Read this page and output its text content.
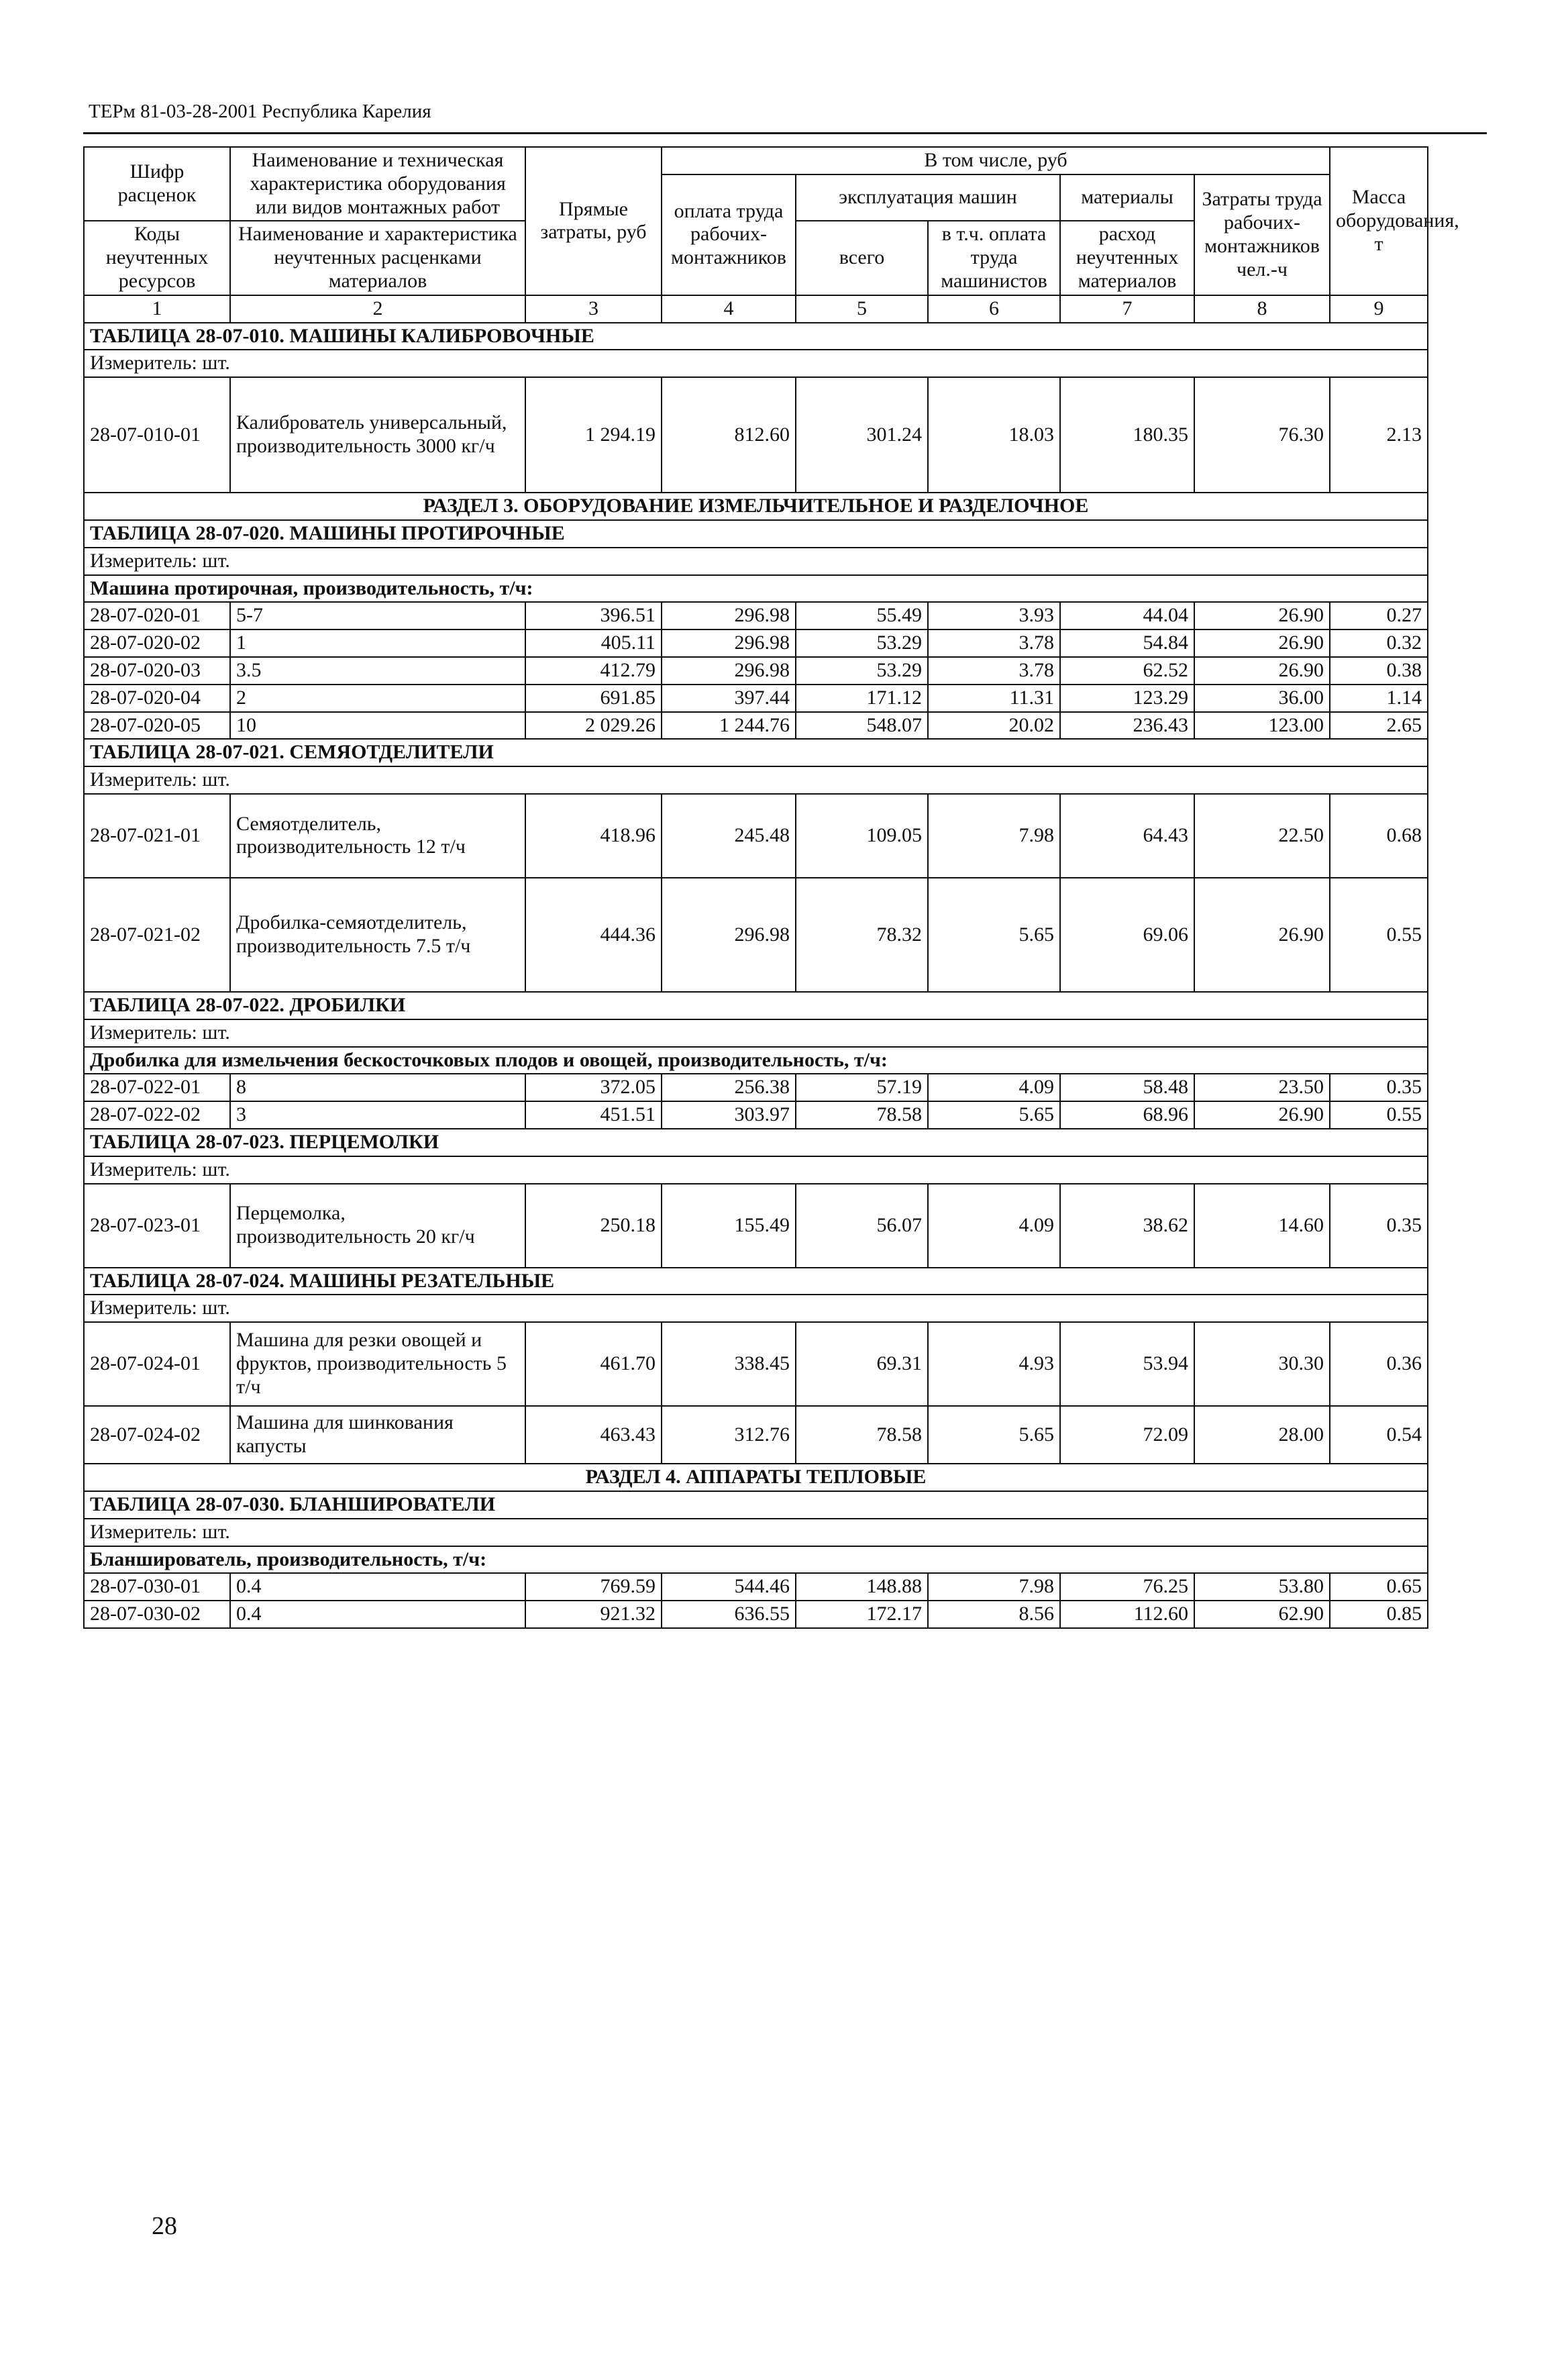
ТЕРм 81-03-28-2001 Республика Карелия
Шифр расценок	Наименование и техническая характеристика оборудования или видов монтажных работ	Прямые затраты, руб	В том числе, руб					Масса оборудования, т
			оплата труда рабочих-монтажников	эксплуатация машин		материалы	Затраты труда рабочих-монтажников чел.-ч	
Коды неучтенных ресурсов	Наименование и характеристика неучтенных расценками материалов			всего	в т.ч. оплата труда машинистов	расход неучтенных материалов		

1	2	3	4	5	6	7	8	9
ТАБЛИЦА 28-07-010. МАШИНЫ КАЛИБРОВОЧНЫЕ								
Измеритель: шт.								
28-07-010-01	Калиброватель универсальный, производительность 3000 кг/ч	1 294.19	812.60	301.24	18.03	180.35	76.30	2.13
РАЗДЕЛ 3. ОБОРУДОВАНИЕ ИЗМЕЛЬЧИТЕЛЬНОЕ И РАЗДЕЛОЧНОЕ								
ТАБЛИЦА 28-07-020. МАШИНЫ ПРОТИРОЧНЫЕ								
Измеритель: шт.								
Машина протирочная, производительность, т/ч:								
28-07-020-01	5-7	396.51	296.98	55.49	3.93	44.04	26.90	0.27
28-07-020-02	1	405.11	296.98	53.29	3.78	54.84	26.90	0.32
28-07-020-03	3.5	412.79	296.98	53.29	3.78	62.52	26.90	0.38
28-07-020-04	2	691.85	397.44	171.12	11.31	123.29	36.00	1.14
28-07-020-05	10	2 029.26	1 244.76	548.07	20.02	236.43	123.00	2.65
ТАБЛИЦА 28-07-021. СЕМЯОТДЕЛИТЕЛИ								
Измеритель: шт.								
28-07-021-01	Семяотделитель, производительность 12 т/ч	418.96	245.48	109.05	7.98	64.43	22.50	0.68
28-07-021-02	Дробилка-семяотделитель, производительность 7.5 т/ч	444.36	296.98	78.32	5.65	69.06	26.90	0.55
ТАБЛИЦА 28-07-022. ДРОБИЛКИ								
Измеритель: шт.								
Дробилка для измельчения бескосточковых плодов и овощей, производительность, т/ч:								
28-07-022-01	8	372.05	256.38	57.19	4.09	58.48	23.50	0.35
28-07-022-02	3	451.51	303.97	78.58	5.65	68.96	26.90	0.55
ТАБЛИЦА 28-07-023. ПЕРЦЕМОЛКИ								
Измеритель: шт.								
28-07-023-01	Перцемолка, производительность 20 кг/ч	250.18	155.49	56.07	4.09	38.62	14.60	0.35
ТАБЛИЦА 28-07-024. МАШИНЫ РЕЗАТЕЛЬНЫЕ								
Измеритель: шт.								
28-07-024-01	Машина для резки овощей и фруктов, производительность 5 т/ч	461.70	338.45	69.31	4.93	53.94	30.30	0.36
28-07-024-02	Машина для шинкования капусты	463.43	312.76	78.58	5.65	72.09	28.00	0.54
РАЗДЕЛ 4. АППАРАТЫ ТЕПЛОВЫЕ								
ТАБЛИЦА 28-07-030. БЛАНШИРОВАТЕЛИ								
Измеритель: шт.								
Бланширователь, производительность, т/ч:								
28-07-030-01	0.4	769.59	544.46	148.88	7.98	76.25	53.80	0.65
28-07-030-02	0.4	921.32	636.55	172.17	8.56	112.60	62.90	0.85
28
